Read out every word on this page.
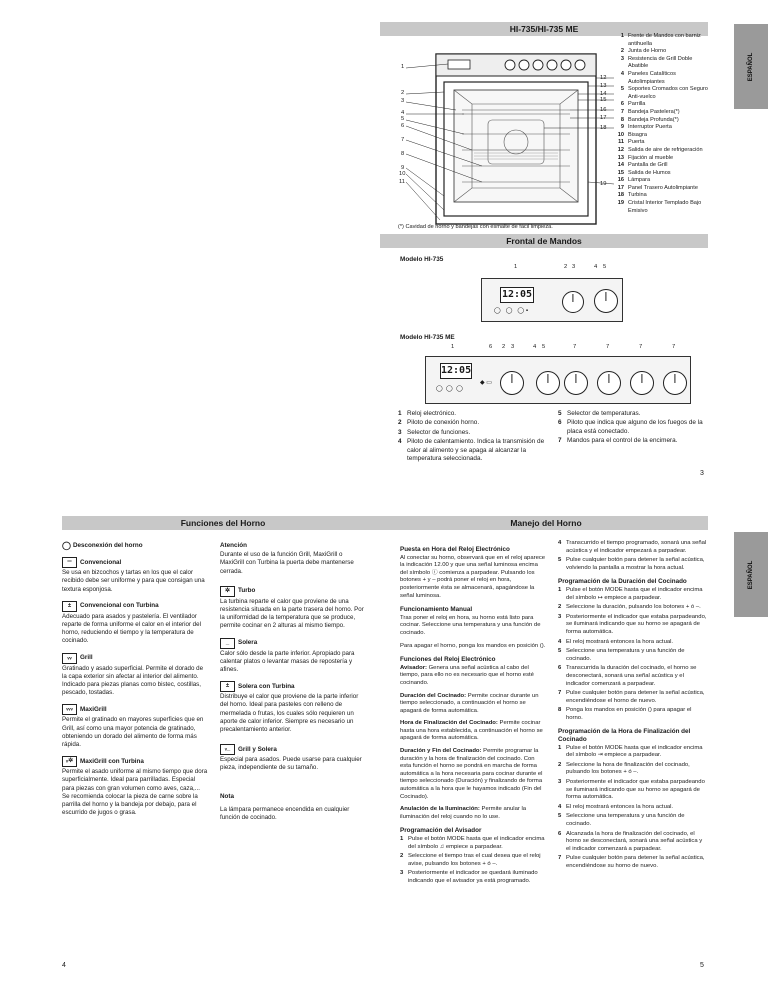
HI-735/HI-735 ME
ESPAÑOL
1
2
3
4
5
6
7
8
9
10
11
12
13
14
15
16
17
18
19
1 Frente de Mandos con barniz antihuella
2 Junta de Horno
3 Resistencia de Grill Doble Abatible
4 Paneles Catalíticos Autolimpiantes
5 Soportes Cromados con Seguro Anti-vuelco
6 Parrilla
7 Bandeja Pastelera(*)
8 Bandeja Profunda(*)
9 Interruptor Puerta
10 Bisagra
11 Puerta
12 Salida de aire de refrigeración
13 Fijación al mueble
14 Pantalla de Grill
15 Salida de Humos
16 Lámpara
17 Panel Trasero Autolimpiante
18 Turbina
19 Cristal Interior Templado Bajo Emisivo
(*) Cavidad de horno y bandejas con esmalte de fácil limpieza.
Frontal de Mandos
Modelo HI-735
1	2 3	4 5
12:05
◯   ◯   ◯ ▪
Modelo HI-735 ME
1	6 2 3	4 5	7	7	7	7
12:05
◯  ◯  ◯
◆ ▭
1 Reloj electrónico.
2 Piloto de conexión horno.
3 Selector de funciones.
4 Piloto de calentamiento. Indica la transmisión de calor al alimento y se apaga al alcanzar la temperatura seleccionada.
5 Selector de temperaturas.
6 Piloto que indica que alguno de los fuegos de la placa está conectado.
7 Mandos para el control de la encimera.
3
Funciones del Horno
◯ Desconexión del horno
═	Convencional
Se usa en bizcochos y tartas en los que el calor recibido debe ser uniforme y para que consigan una textura esponjosa.
±	Convencional con Turbina
Adecuado para asados y pastelería. El ventilador reparte de forma uniforme el calor en el interior del horno, reduciendo el tiempo y la temperatura de cocinado.
ᵥᵥ	Grill
Gratinado y asado superficial. Permite el dorado de la capa exterior sin afectar al interior del alimento. Indicado para piezas planas como bistec, costillas, pescado, tostadas.
ᵥᵥᵥ	MaxiGrill
Permite el gratinado en mayores superficies que en Grill, así como una mayor potencia de gratinado, obteniendo un dorado del alimento de forma más rápida.
ᵥ✲	MaxiGrill con Turbina
Permite el asado uniforme al mismo tiempo que dora superficialmente. Ideal para parrilladas. Especial para piezas con gran volumen como aves, caza,... Se recomienda colocar la pieza de carne sobre la parrilla del horno y la bandeja por debajo, para el escurrido de jugos o grasa.
Atención
Durante el uso de la función Grill, MaxiGrill o MaxiGrill con Turbina la puerta debe mantenerse cerrada.
✲	Turbo
La turbina reparte el calor que proviene de una resistencia situada en la parte trasera del horno. Por la uniformidad de la temperatura que se produce, permite cocinar en 2 alturas al mismo tiempo.
_	Solera
Calor sólo desde la parte inferior. Apropiado para calentar platos o levantar masas de repostería y afines.
±	Solera con Turbina
Distribuye el calor que proviene de la parte inferior del horno. Ideal para pasteles con relleno de mermelada o frutas, los cuales sólo requieren un aporte de calor inferior. Siempre es necesario un precalentamiento anterior.
ᵥ_	Grill y Solera
Especial para asados. Puede usarse para cualquier pieza, independiente de su tamaño.
Nota
La lámpara permanece encendida en cualquier función de cocinado.
4
Manejo del Horno
ESPAÑOL
Puesta en Hora del Reloj Electrónico

Al conectar su horno, observará que en el reloj aparece la indicación 12.00 y que una señal luminosa encima del símbolo ⓘ comienza a parpadear. Pulsando los botones + y – podrá poner el reloj en hora, posteriormente ésta se almacenará, apagándose la señal luminosa.

Funcionamiento Manual

Tras poner el reloj en hora, su horno está listo para cocinar. Seleccione una temperatura y una función de cocinado.

Para apagar el horno, ponga los mandos en posición ().

Funciones del Reloj Electrónico

Avisador: Genera una señal acústica al cabo del tiempo, para ello no es necesario que el horno esté cocinando.

Duración del Cocinado: Permite cocinar durante un tiempo seleccionado, a continuación el horno se apagará de forma automática.

Hora de Finalización del Cocinado: Permite cocinar hasta una hora establecida, a continuación el horno se apagará de forma automática.

Duración y Fin del Cocinado: Permite programar la duración y la hora de finalización del cocinado. Con esta función el horno se pondrá en marcha de forma automática a la hora necesaria para cocinar durante el tiempo seleccionado (Duración) y finalizando de forma automática a la hora que le hayamos indicado (Fin del Cocinado).

Anulación de la Iluminación: Permite anular la iluminación del reloj cuando no lo use.

Programación del Avisador
1 Pulse el botón MODE hasta que el indicador encima del símbolo ♫ empiece a parpadear.
2 Seleccione el tiempo tras el cual desea que el reloj avise, pulsando los botones + ó –.
3 Posteriormente el indicador se quedará iluminado indicando que el avisador ya está programado.
4 Transcurrido el tiempo programado, sonará una señal acústica y el indicador empezará a parpadear.
5 Pulse cualquier botón para detener la señal acústica, volviendo la pantalla a mostrar la hora actual.
Programación de la Duración del Cocinado
1 Pulse el botón MODE hasta que el indicador encima del símbolo ↦ empiece a parpadear.
2 Seleccione la duración, pulsando los botones + ó –.
3 Posteriormente el indicador que estaba parpadeando, se iluminará indicando que su horno se apagará de forma automática.
4 El reloj mostrará entonces la hora actual.
5 Seleccione una temperatura y una función de cocinado.
6 Transcurrida la duración del cocinado, el horno se desconectará, sonará una señal acústica y el indicador comenzará a parpadear.
7 Pulse cualquier botón para detener la señal acústica, encendiéndose el horno de nuevo.
8 Ponga los mandos en posición () para apagar el horno.
Programación de la Hora de Finalización del Cocinado
1 Pulse el botón MODE hasta que el indicador encima del símbolo ⇥ empiece a parpadear.
2 Seleccione la hora de finalización del cocinado, pulsando los botones + ó –.
3 Posteriormente el indicador que estaba parpadeando se iluminará indicando que su horno se apagará de forma automática.
4 El reloj mostrará entonces la hora actual.
5 Seleccione una temperatura y una función de cocinado.
6 Alcanzada la hora de finalización del cocinado, el horno se desconectará, sonará una señal acústica y el indicador comenzará a parpadear.
7 Pulse cualquier botón para detener la señal acústica, encendiéndose su horno de nuevo.
5
